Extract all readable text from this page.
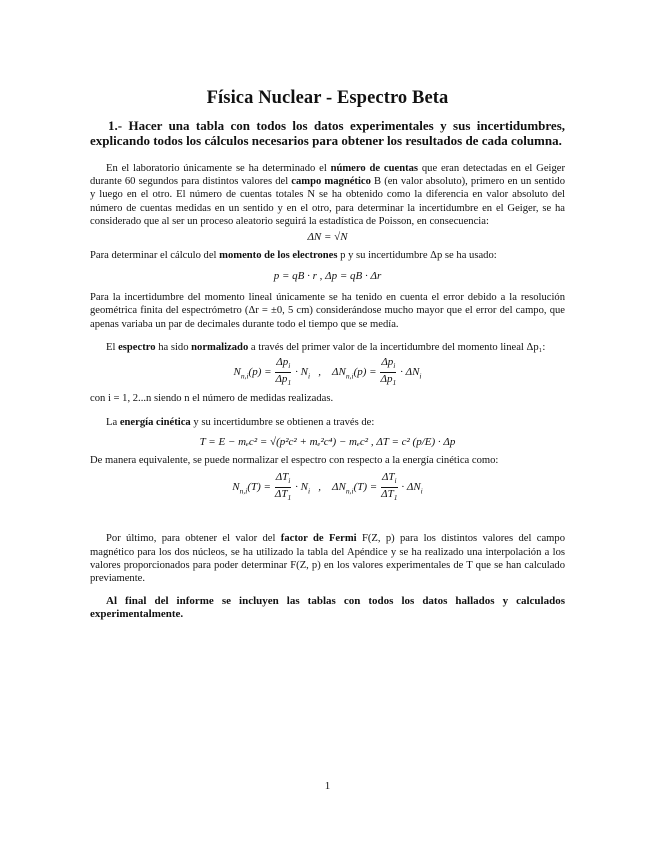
Física Nuclear - Espectro Beta
1.- Hacer una tabla con todos los datos experimentales y sus incertidumbres, explicando todos los cálculos necesarios para obtener los resultados de cada columna.

En el laboratorio únicamente se ha determinado el número de cuentas que eran detectadas en el Geiger durante 60 segundos para distintos valores del campo magnético B (en valor absoluto), primero en un sentido y luego en el otro. El número de cuentas totales N se ha obtenido como la diferencia en valor absoluto del número de cuentas medidas en un sentido y en el otro, para determinar la incertidumbre en el Geiger, se ha considerado que al ser un proceso aleatorio seguirá la estadística de Poisson, en consecuencia:

ΔN = √N

Para determinar el cálculo del momento de los electrones p y su incertidumbre Δp se ha usado:

p = qB · r , Δp = qB · Δr

Para la incertidumbre del momento lineal únicamente se ha tenido en cuenta el error debido a la resolución geométrica finita del espectrómetro (Δr = ±0, 5 cm) considerándose mucho mayor que el error del campo, que apenas variaba un par de decimales durante todo el tiempo que se medía.

El espectro ha sido normalizado a través del primer valor de la incertidumbre del momento lineal Δp₁:

$N_{n,i}(p) = \frac{\Delta p_i}{\Delta p_1} \cdot N_i$   ,    $\Delta N_{n,i}(p) = \frac{\Delta p_i}{\Delta p_1} \cdot \Delta N_i$

con i = 1, 2...n siendo n el número de medidas realizadas.

La energía cinética y su incertidumbre se obtienen a través de:

T = E − mₑc² = √(p²c² + mₑ²c⁴) − mₑc² , ΔT = c² (p/E) · Δp

De manera equivalente, se puede normalizar el espectro con respecto a la energía cinética como:

$N_{n,i}(T) = \frac{\Delta T_i}{\Delta T_1} \cdot N_i$   ,    $\Delta N_{n,i}(T) = \frac{\Delta T_i}{\Delta T_1} \cdot \Delta N_i$

Por último, para obtener el valor del factor de Fermi F(Z, p) para los distintos valores del campo magnético para los dos núcleos, se ha utilizado la tabla del Apéndice y se ha realizado una interpolación a los valores proporcionados para poder determinar F(Z, p) en los valores experimentales de T que se han calculado previamente.

Al final del informe se incluyen las tablas con todos los datos hallados y calculados experimentalmente.

1
